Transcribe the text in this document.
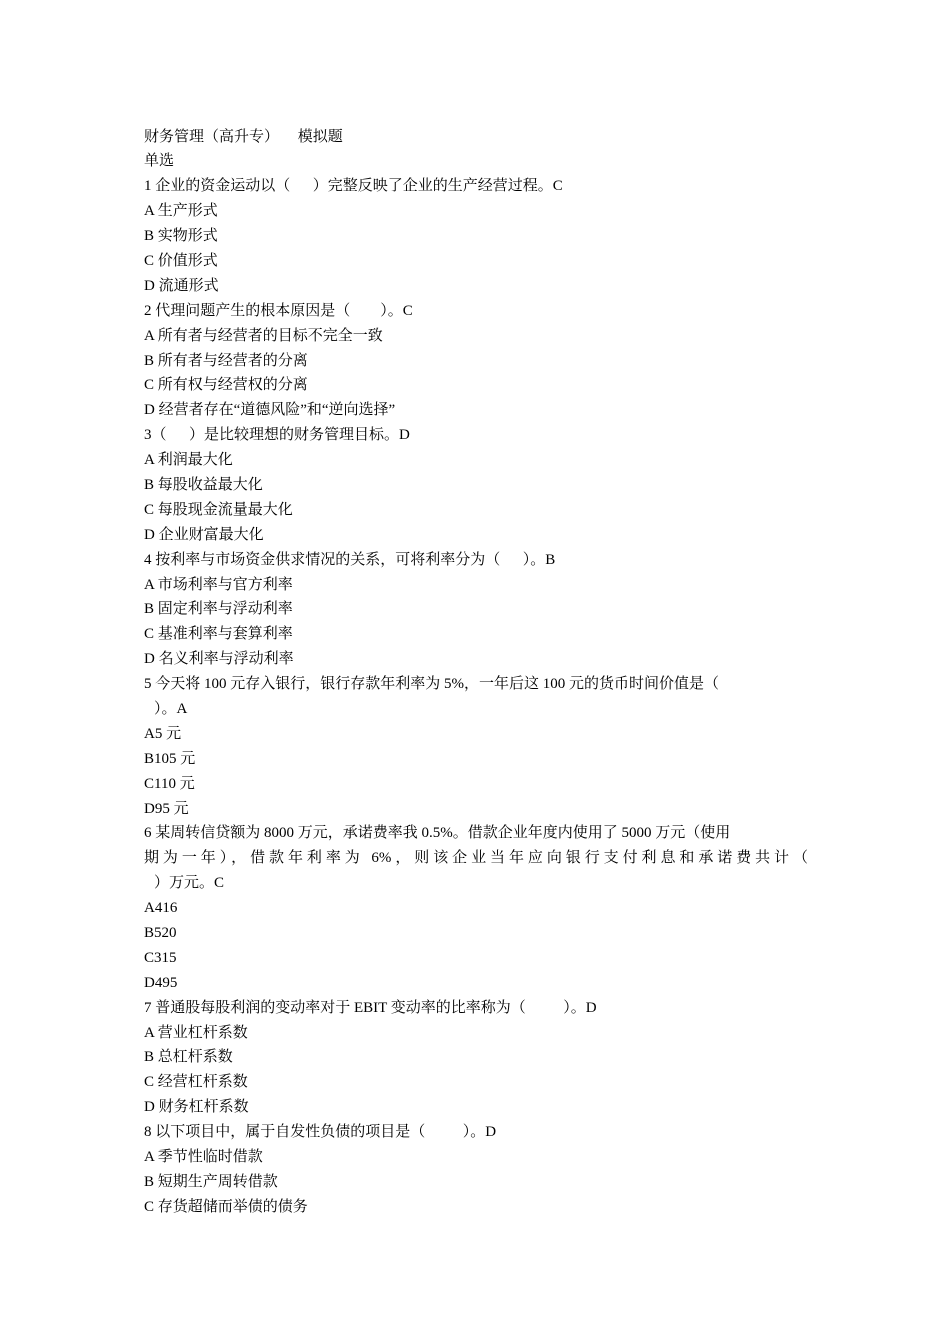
财务管理（高升专）     模拟题
单选
1 企业的资金运动以（      ）完整反映了企业的生产经营过程。C
A 生产形式
B 实物形式
C 价值形式
D 流通形式
2 代理问题产生的根本原因是（        ）。C
A 所有者与经营者的目标不完全一致
B 所有者与经营者的分离
C 所有权与经营权的分离
D 经营者存在“道德风险”和“逆向选择”
3（      ）是比较理想的财务管理目标。D
A 利润最大化
B 每股收益最大化
C 每股现金流量最大化
D 企业财富最大化
4 按利率与市场资金供求情况的关系，可将利率分为（      ）。B
A 市场利率与官方利率
B 固定利率与浮动利率
C 基准利率与套算利率
D 名义利率与浮动利率
5 今天将 100 元存入银行，银行存款年利率为 5%，一年后这 100 元的货币时间价值是（
）。A
A5 元
B105 元
C110 元
D95 元
6 某周转信贷额为 8000 万元，承诺费率我 0.5%。借款企业年度内使用了 5000 万元（使用
期为一年），借款年利率为 6%，则该企业当年应向银行支付利息和承诺费共计（
）万元。C
A416
B520
C315
D495
7 普通股每股利润的变动率对于 EBIT 变动率的比率称为（          ）。D
A 营业杠杆系数
B 总杠杆系数
C 经营杠杆系数
D 财务杠杆系数
8 以下项目中，属于自发性负债的项目是（          ）。D
A 季节性临时借款
B 短期生产周转借款
C 存货超储而举债的债务
